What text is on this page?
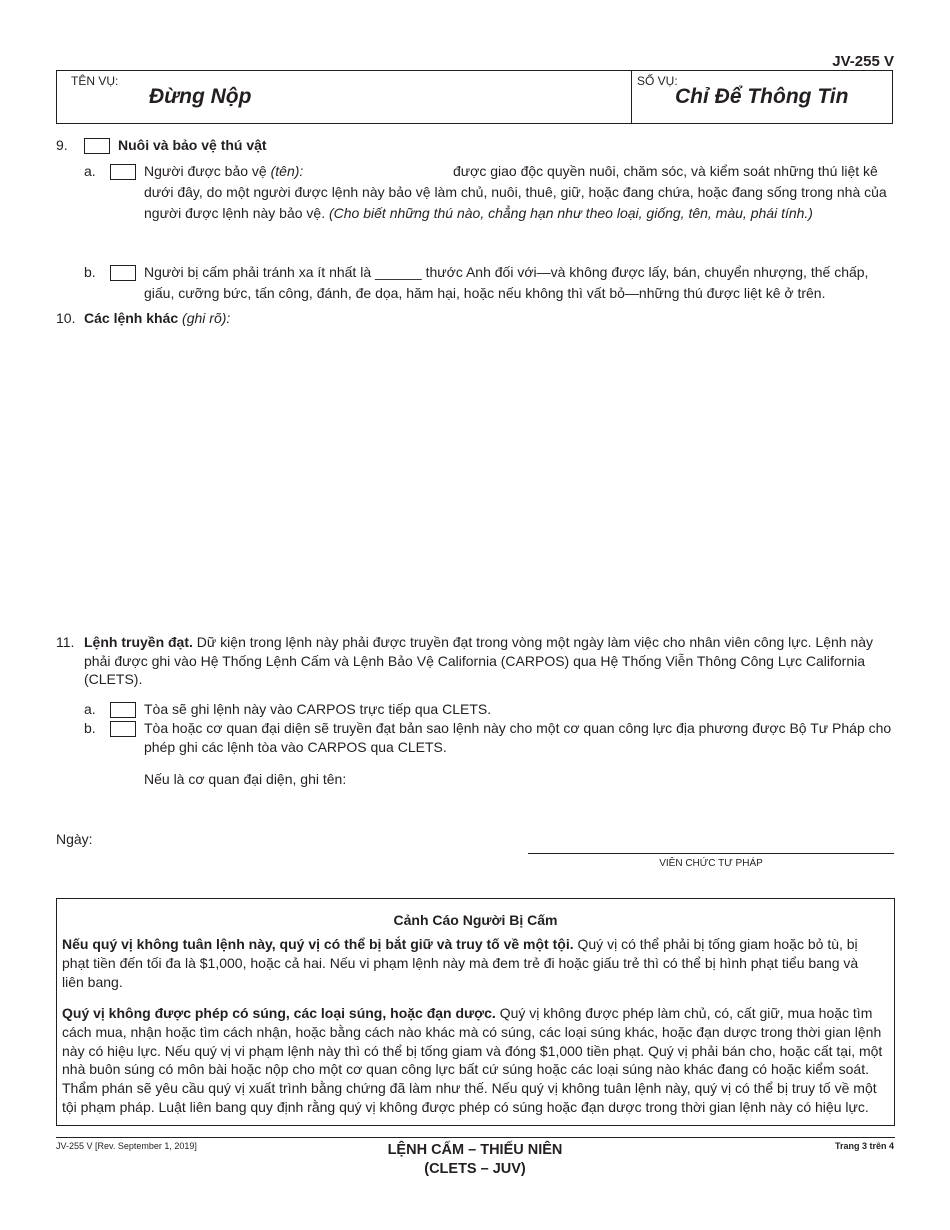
JV-255 V
TÊN VỤ:
Đừng Nộp
SỐ VỤ:
Chỉ Để Thông Tin
9.	Nuôi và bảo vệ thú vật
a.	Người được bảo vệ (tên):	được giao độc quyền nuôi, chăm sóc, và kiểm soát những thú liệt kê
dưới đây, do một người được lệnh này bảo vệ làm chủ, nuôi, thuê, giữ, hoặc đang chứa, hoặc đang sống trong nhà của
người được lệnh này bảo vệ. (Cho biết những thú nào, chẳng hạn như theo loại, giống, tên, màu, phái tính.)
b.	Người bị cấm phải tránh xa ít nhất là ______ thước Anh đối với—và không được lấy, bán, chuyển nhượng, thế chấp,
giấu, cưỡng bức, tấn công, đánh, đe dọa, hăm hại, hoặc nếu không thì vất bỏ—những thú được liệt kê ở trên.
10. Các lệnh khác (ghi rõ):
11. Lệnh truyền đạt. Dữ kiện trong lệnh này phải được truyền đạt trong vòng một ngày làm việc cho nhân viên công lực. Lệnh này
phải được ghi vào Hệ Thống Lệnh Cấm và Lệnh Bảo Vệ California (CARPOS) qua Hệ Thống Viễn Thông Công Lực California
(CLETS).
a.	Tòa sẽ ghi lệnh này vào CARPOS trực tiếp qua CLETS.
b.	Tòa hoặc cơ quan đại diện sẽ truyền đạt bản sao lệnh này cho một cơ quan công lực địa phương được Bộ Tư Pháp cho
phép ghi các lệnh tòa vào CARPOS qua CLETS.
Nếu là cơ quan đại diện, ghi tên:
Ngày:
VIÊN CHỨC TƯ PHÁP
Cảnh Cáo Người Bị Cấm
Nếu quý vị không tuân lệnh này, quý vị có thể bị bắt giữ và truy tố về một tội. Quý vị có thể phải bị tống giam hoặc bỏ tù, bị
phạt tiền đến tối đa là $1,000, hoặc cả hai. Nếu vi phạm lệnh này mà đem trẻ đi hoặc giấu trẻ thì có thể bị hình phạt tiểu bang và
liên bang.
Quý vị không được phép có súng, các loại súng, hoặc đạn dược. Quý vị không được phép làm chủ, có, cất giữ, mua hoặc tìm
cách mua, nhận hoặc tìm cách nhận, hoặc bằng cách nào khác mà có súng, các loại súng khác, hoặc đạn dược trong thời gian lệnh
này có hiệu lực. Nếu quý vị vi phạm lệnh này thì có thể bị tống giam và đóng $1,000 tiền phạt. Quý vị phải bán cho, hoặc cất tại, một
nhà buôn súng có môn bài hoặc nộp cho một cơ quan công lực bất cứ súng hoặc các loại súng nào khác đang có hoặc kiểm soát.
Thẩm phán sẽ yêu cầu quý vị xuất trình bằng chứng đã làm như thế. Nếu quý vị không tuân lệnh này, quý vị có thể bị truy tố về một
tội phạm pháp. Luật liên bang quy định rằng quý vị không được phép có súng hoặc đạn dược trong thời gian lệnh này có hiệu lực.
JV-255 V [Rev. September 1, 2019]	LỆNH CẤM – THIẾU NIÊN
(CLETS – JUV)
Trang 3 trên 4
